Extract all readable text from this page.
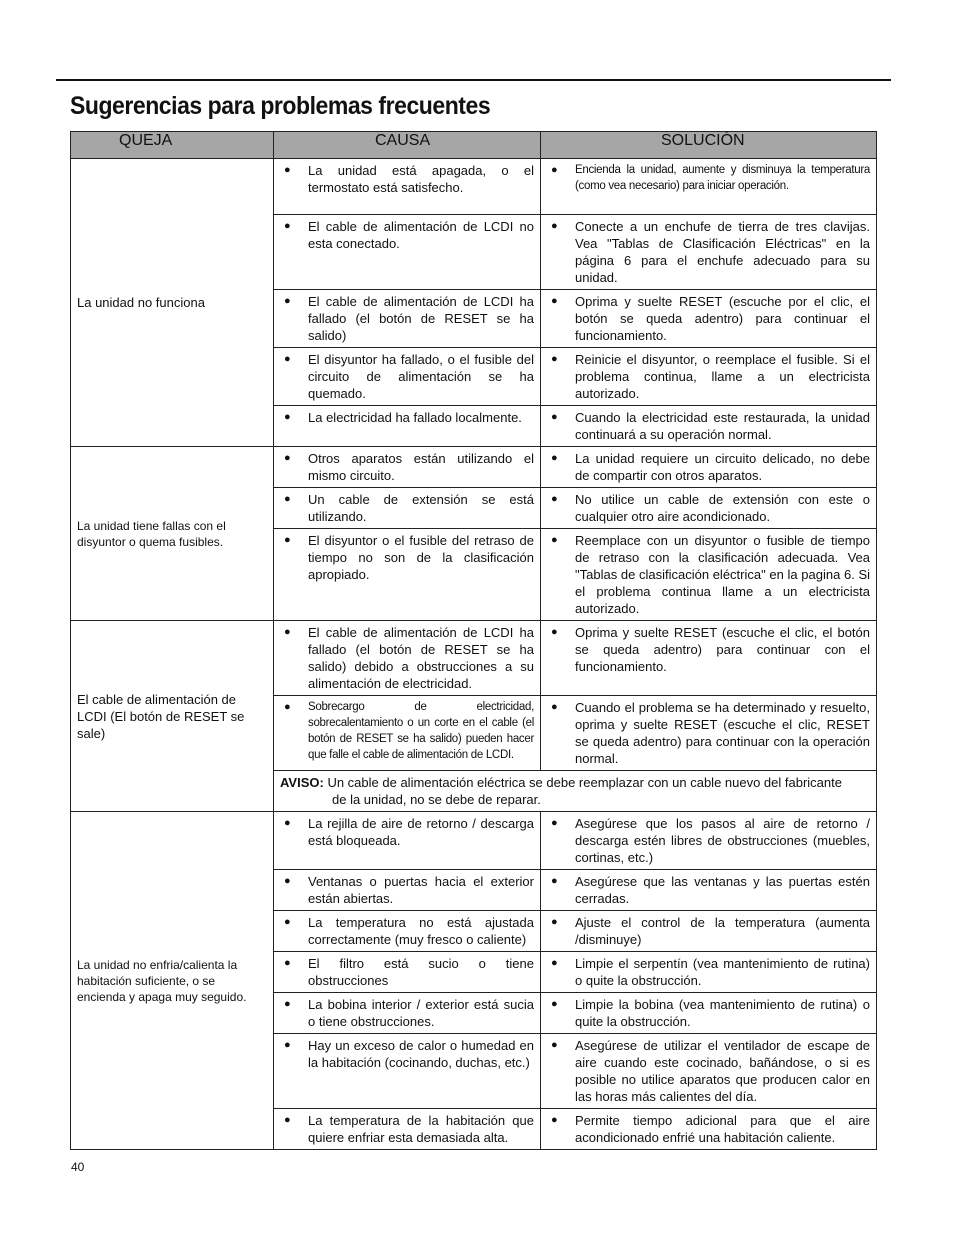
Sugerencias para problemas frecuentes
QUEJA	CAUSA	SOLUCIÓN
La unidad no funciona	● La unidad está apagada, o el termostato está satisfecho.	● Encienda la unidad, aumente y disminuya la temperatura (como vea necesario) para iniciar operación.

	● El cable de alimentación de LCDI no esta conectado.	● Conecte a un enchufe de tierra de tres clavijas. Vea "Tablas de Clasificación Eléctricas" en la página 6 para el enchufe adecuado para su unidad.

	● El cable de alimentación de LCDI ha fallado (el botón de RESET se ha salido)	● Oprima y suelte RESET (escuche por el clic, el botón se queda adentro) para continuar el funcionamiento.

	● El disyuntor ha fallado, o el fusible del circuito de alimentación se ha quemado.	● Reinicie el disyuntor, o reemplace el fusible. Si el problema continua, llame a un electricista autorizado.

	● La electricidad ha fallado localmente.	● Cuando la electricidad este restaurada, la unidad continuará a su operación normal.

La unidad tiene fallas con el disyuntor o quema fusibles.	● Otros aparatos están utilizando el mismo circuito.	● La unidad requiere un circuito delicado, no debe de compartir con otros aparatos.

	● Un cable de extensión se está utilizando.	● No utilice un cable de extensión con este o cualquier otro aire acondicionado.

	● El disyuntor o el fusible del retraso de tiempo no son de la clasificación apropiado.	● Reemplace con un disyuntor o fusible de tiempo de retraso con la clasificación adecuada. Vea "Tablas de clasificación eléctrica" en la pagina 6. Si el problema continua llame a un electricista autorizado.

El cable de alimentación de LCDI (El botón de RESET se sale)	● El cable de alimentación de LCDI ha fallado (el botón de RESET se ha salido) debido a obstrucciones a su alimentación de electricidad.	● Oprima y suelte RESET (escuche el clic, el botón se queda adentro) para continuar con el funcionamiento.

	● Sobrecargo de electricidad, sobrecalentamiento o un corte en el cable (el botón de RESET se ha salido) pueden hacer que falle el cable de alimentación de LCDI.	● Cuando el problema se ha determinado y resuelto, oprima y suelte RESET (escuche el clic, RESET se queda adentro) para continuar con la operación normal.

	AVISO: Un cable de alimentación eléctrica se debe reemplazar con un cable nuevo del fabricante
de la unidad, no se debe de reparar.	

La unidad no enfria/calienta la habitación suficiente, o se encienda y apaga muy seguido.	● La rejilla de aire de retorno / descarga está bloqueada.	● Asegúrese que los pasos al aire de retorno / descarga estén libres de obstrucciones (muebles, cortinas, etc.)

	● Ventanas o puertas hacia el exterior están abiertas.	● Asegúrese que las ventanas y las puertas estén cerradas.

	● La temperatura no está ajustada correctamente (muy fresco o caliente)	● Ajuste el control de la temperatura (aumenta /disminuye)

	● El filtro está sucio o tiene obstrucciones	● Limpie el serpentín (vea mantenimiento de rutina) o quite la obstrucción.

	● La bobina interior / exterior está sucia o tiene obstrucciones.	● Limpie la bobina (vea mantenimiento de rutina) o quite la obstrucción.

	● Hay un exceso de calor o humedad en la habitación (cocinando, duchas, etc.)	● Asegúrese de utilizar el ventilador de escape de aire cuando este cocinado, bañándose, o si es posible no utilice aparatos que producen calor en las horas más calientes del día.

	● La temperatura de la habitación que quiere enfriar esta demasiada alta.	● Permite tiempo adicional para que el aire acondicionado enfrié una habitación caliente.
40
